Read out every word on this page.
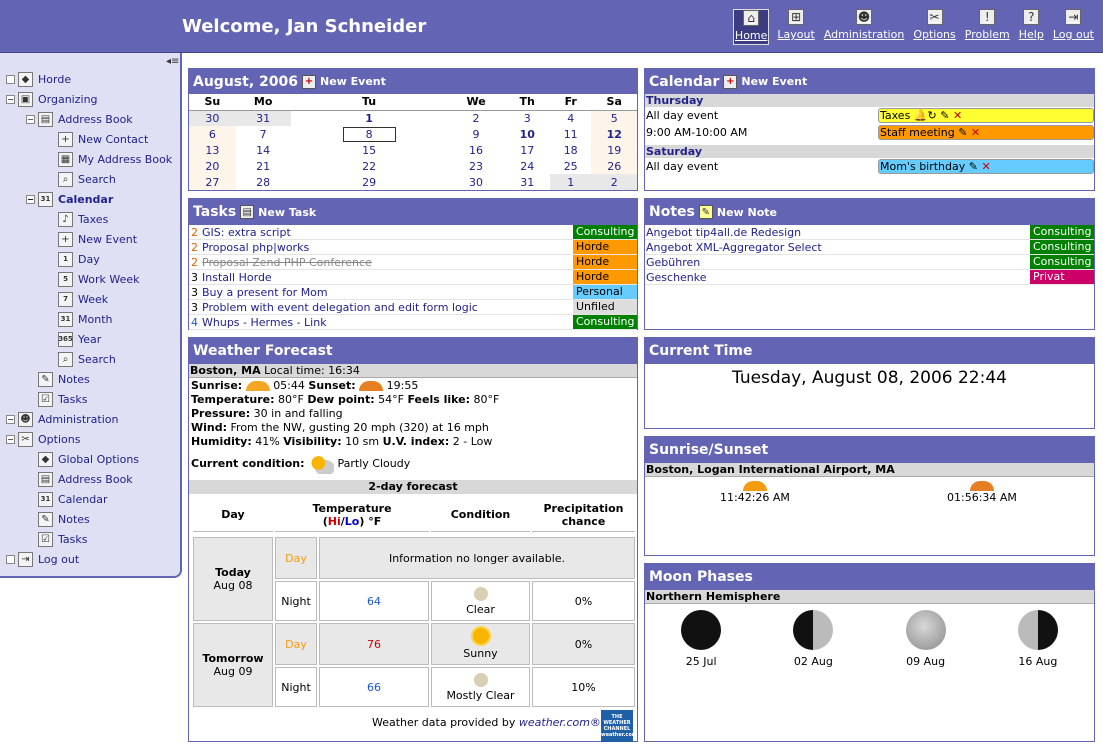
Welcome, Jan Schneider	⌂
Home
⊞
Layout
☻
Administration
✂
Options
!
Problem
?
Help
⇥
Log out
◂≡
◆ Horde
− ▣ Organizing
− ▤ Address Book
+ New Contact
▦ My Address Book
⌕ Search
− 31 Calendar
♪ Taxes
+ New Event
1 Day
5 Work Week
7 Week
31 Month
365 Year
⌕ Search
✎ Notes
☑ Tasks
− ☻ Administration
− ✂ Options
◆ Global Options
▤ Address Book
31 Calendar
✎ Notes
☑ Tasks
⇥ Log out
August, 2006 + New Event
Su	Mo	Tu	We	Th	Fr	Sa
30	31	1	2	3	4	5
6	7	8	9	10	11	12
13	14	15	16	17	18	19
20	21	22	23	24	25	26
27	28	29	30	31	1	2
Calendar + New Event
Thursday
All day event
9:00 AM-10:00 AM
Taxes 🔔↻ ✎ ✕
Staff meeting ✎ ✕
Saturday
All day event	Mom's birthday ✎ ✕
Tasks ▤ New Task
2 GIS: extra script	Consulting
2 Proposal php|works	Horde
2 Proposal Zend PHP Conference	Horde
3 Install Horde	Horde
3 Buy a present for Mom	Personal
3 Problem with event delegation and edit form logic	Unfiled
4 Whups - Hermes - Link	Consulting
Notes ✎ New Note
Angebot tip4all.de Redesign	Consulting
Angebot XML-Aggregator Select	Consulting
Gebühren	Consulting
Geschenke	Privat
Weather Forecast
Boston, MA Local time: 16:34
Sunrise:	05:44 Sunset:	19:55
Temperature: 80°F Dew point: 54°F Feels like: 80°F
Pressure: 30 in and falling
Wind: From the NW, gusting 20 mph (320) at 16 mph
Humidity: 41% Visibility: 10 sm U.V. index: 2 - Low
Current condition:	Partly Cloudy
2-day forecast
Day	Temperature
(Hi/Lo) °F	Condition	Precipitation chance
Today
Aug 08
Day	Information no longer available.
Night	64
Clear
0%
Tomorrow
Aug 09
Day	76
Sunny
0%
Night	66
Mostly Clear
10%
Weather data provided by weather.com®	THE WEATHER CHANNEL weather.com
Current Time
Tuesday, August 08, 2006 22:44
Sunrise/Sunset
Boston, Logan International Airport, MA
11:42:26 AM	01:56:34 AM
Moon Phases
Northern Hemisphere
25 Jul	02 Aug	09 Aug	16 Aug
